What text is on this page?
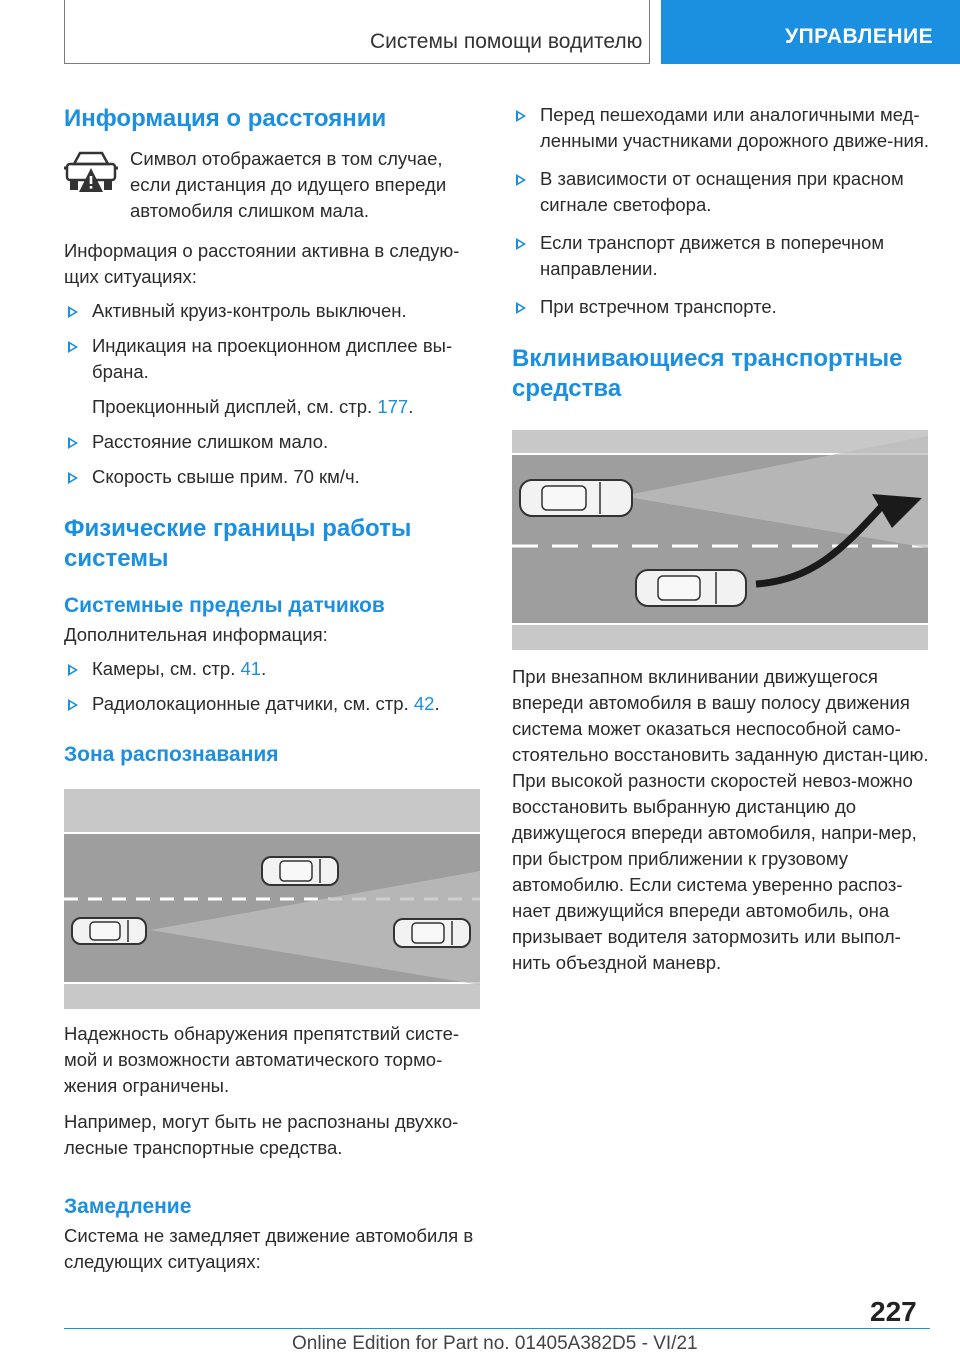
Системы помощи водителю	УПРАВЛЕНИЕ
Информация о расстоянии

Символ отображается в том случае, если дистанция до идущего впереди автомобиля слишком мала.

Информация о расстоянии активна в следую-щих ситуациях:

Активный круиз-контроль выключен.
Индикация на проекционном дисплее вы-брана.

Проекционный дисплей, см. стр. 177.

Расстояние слишком мало.
Скорость свыше прим. 70 км/ч.
Физические границы работы системы
Системные пределы датчиков

Дополнительная информация:

Камеры, см. стр. 41.
Радиолокационные датчики, см. стр. 42.
Зона распознавания

Надежность обнаружения препятствий систе-мой и возможности автоматического тормо-жения ограничены.

Например, могут быть не распознаны двухко-лесные транспортные средства.

Замедление

Система не замедляет движение автомобиля в следующих ситуациях:

Перед пешеходами или аналогичными мед-ленными участниками дорожного движе-ния.
В зависимости от оснащения при красном сигнале светофора.
Если транспорт движется в поперечном направлении.
При встречном транспорте.
Вклинивающиеся транспортные средства

При внезапном вклинивании движущегося впереди автомобиля в вашу полосу движения система может оказаться неспособной само-стоятельно восстановить заданную дистан-цию. При высокой разности скоростей невоз-можно восстановить выбранную дистанцию до движущегося впереди автомобиля, напри-мер, при быстром приближении к грузовому автомобилю. Если система уверенно распоз-нает движущийся впереди автомобиль, она призывает водителя затормозить или выпол-нить объездной маневр.

227
Online Edition for Part no. 01405A382D5 - VI/21
